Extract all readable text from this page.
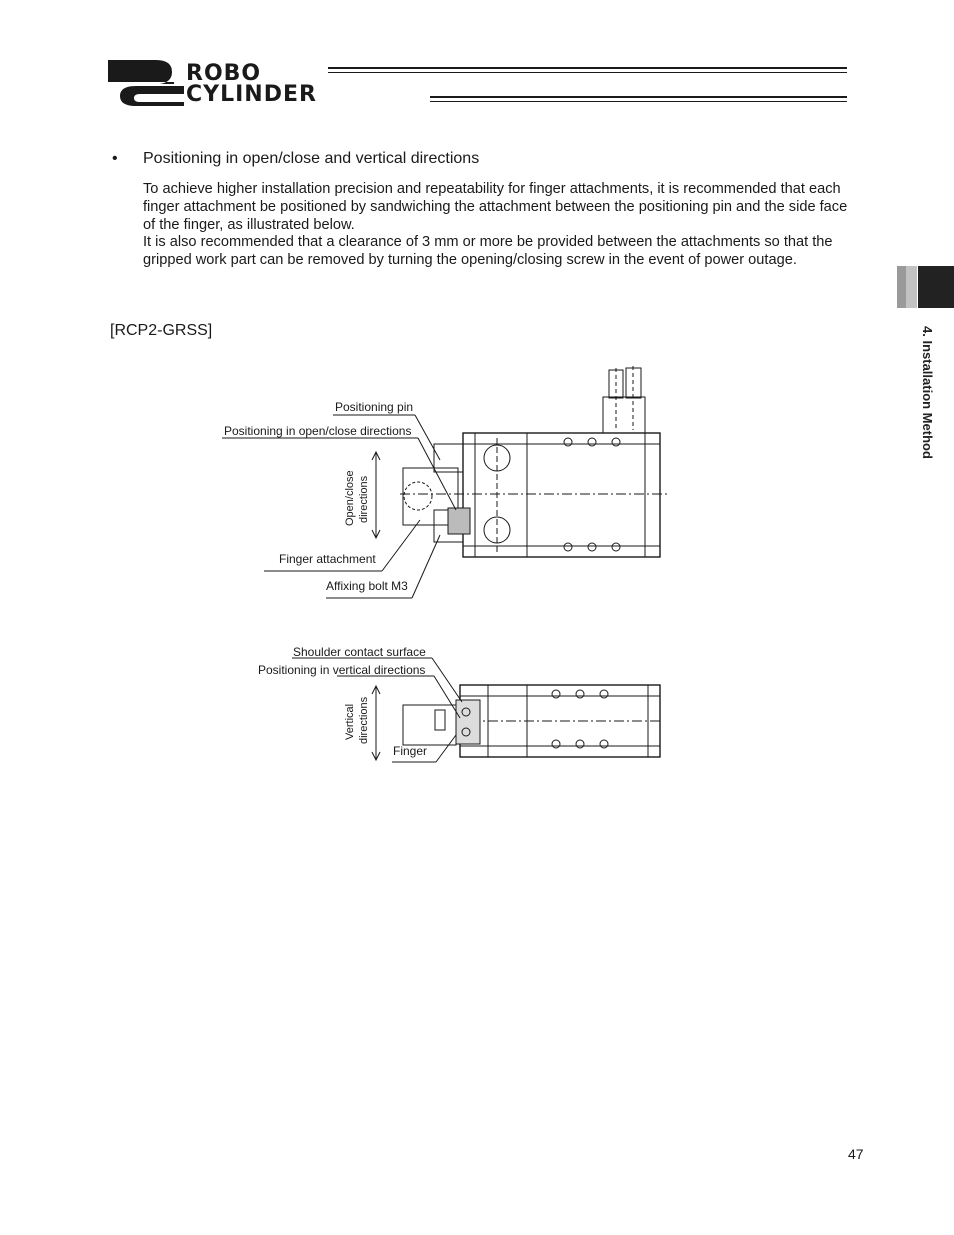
ROBO
CYLINDER
4. Installation Method
• Positioning in open/close and vertical directions

To achieve higher installation precision and repeatability for finger attachments, it is recommended that each finger attachment be positioned by sandwiching the attachment between the positioning pin and the side face of the finger, as illustrated below.

It is also recommended that a clearance of 3 mm or more be provided between the attachments so that the gripped work part can be removed by turning the opening/closing screw in the event of power outage.

[RCP2-GRSS]
Positioning pin
Positioning in open/close directions
Open/close directions
Finger attachment
Affixing bolt M3
Shoulder contact surface
Positioning in vertical directions
Vertical directions
Finger
47
